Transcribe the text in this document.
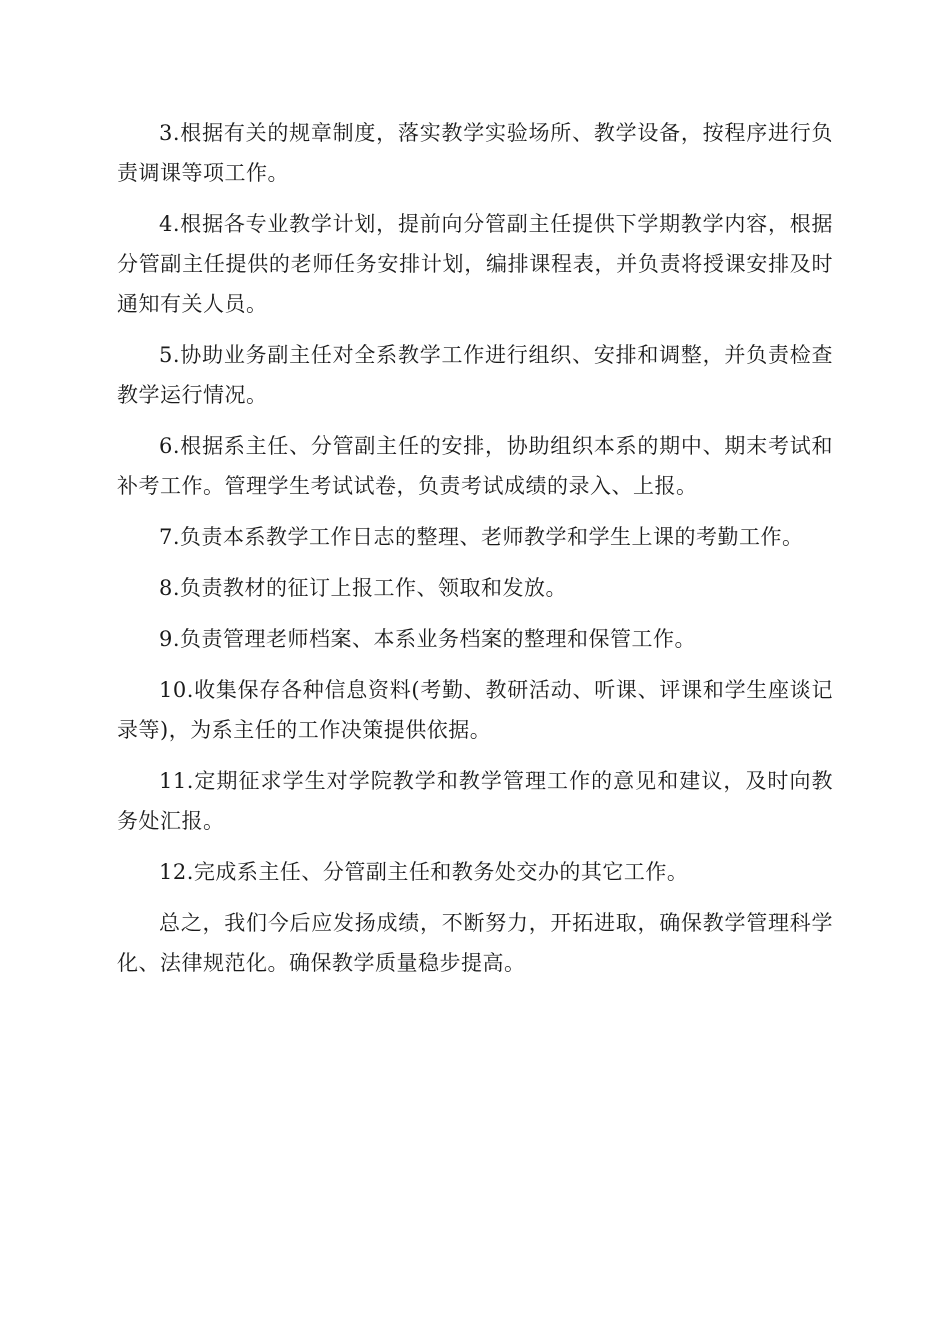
3.根据有关的规章制度，落实教学实验场所、教学设备，按程序进行负责调课等项工作。

4.根据各专业教学计划，提前向分管副主任提供下学期教学内容，根据分管副主任提供的老师任务安排计划，编排课程表，并负责将授课安排及时通知有关人员。

5.协助业务副主任对全系教学工作进行组织、安排和调整，并负责检查教学运行情况。

6.根据系主任、分管副主任的安排，协助组织本系的期中、期末考试和补考工作。管理学生考试试卷，负责考试成绩的录入、上报。

7.负责本系教学工作日志的整理、老师教学和学生上课的考勤工作。

8.负责教材的征订上报工作、领取和发放。

9.负责管理老师档案、本系业务档案的整理和保管工作。

10.收集保存各种信息资料(考勤、教研活动、听课、评课和学生座谈记录等)，为系主任的工作决策提供依据。

11.定期征求学生对学院教学和教学管理工作的意见和建议，及时向教务处汇报。

12.完成系主任、分管副主任和教务处交办的其它工作。

总之，我们今后应发扬成绩，不断努力，开拓进取，确保教学管理科学化、法律规范化。确保教学质量稳步提高。
